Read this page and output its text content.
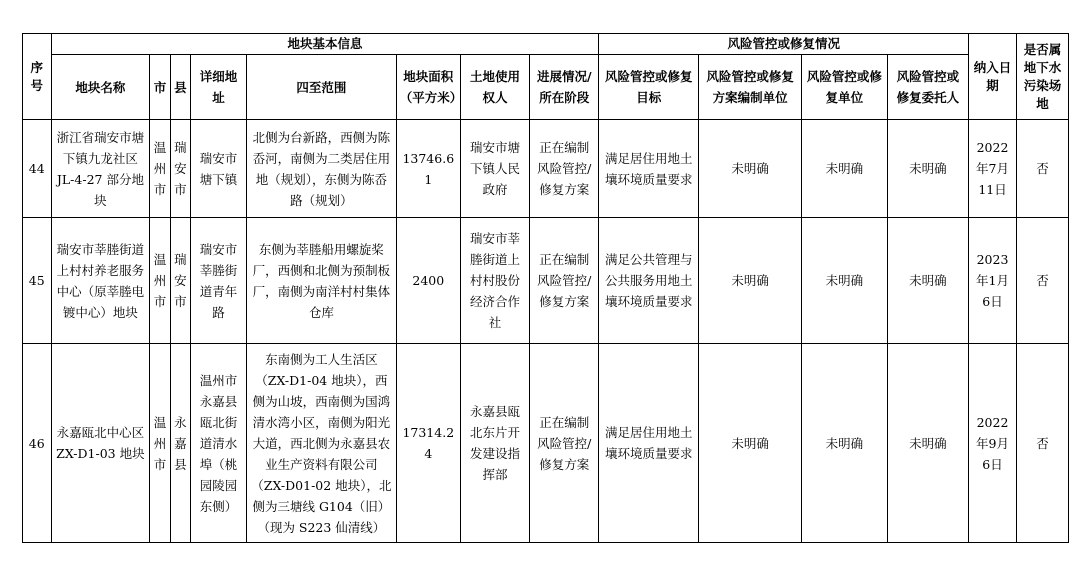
序号	地块基本信息								风险管控或修复情况				纳入日期	是否属地下水污染场地
	地块名称	市	县	详细地址	四至范围	地块面积（平方米）	土地使用权人	进展情况/所在阶段	风险管控或修复目标	风险管控或修复方案编制单位	风险管控或修复单位	风险管控或修复委托人		
44	浙江省瑞安市塘下镇九龙社区 JL-4-27 部分地块	温州市	瑞安市	瑞安市塘下镇	北侧为台新路，西侧为陈岙河，南侧为二类居住用地（规划），东侧为陈岙路（规划）	13746.61	瑞安市塘下镇人民政府	正在编制风险管控/修复方案	满足居住用地土壤环境质量要求	未明确	未明确	未明确	2022年7月11日	否
45	瑞安市莘塍街道上村村养老服务中心（原莘塍电镀中心）地块	温州市	瑞安市	瑞安市莘塍街道青年路	东侧为莘塍船用螺旋桨厂，西侧和北侧为预制板厂，南侧为南洋村村集体仓库	2400	瑞安市莘塍街道上村村股份经济合作社	正在编制风险管控/修复方案	满足公共管理与公共服务用地土壤环境质量要求	未明确	未明确	未明确	2023年1月6日	否
46	永嘉瓯北中心区 ZX-D1-03 地块	温州市	永嘉县	温州市永嘉县瓯北街道清水埠（桃园陵园东侧）	东南侧为工人生活区（ZX-D1-04 地块），西侧为山坡，西南侧为国鸿清水湾小区，南侧为阳光大道，西北侧为永嘉县农业生产资料有限公司（ZX-D01-02 地块），北侧为三塘线 G104（旧）（现为 S223 仙清线）	17314.24	永嘉县瓯北东片开发建设指挥部	正在编制风险管控/修复方案	满足居住用地土壤环境质量要求	未明确	未明确	未明确	2022年9月6日	否
